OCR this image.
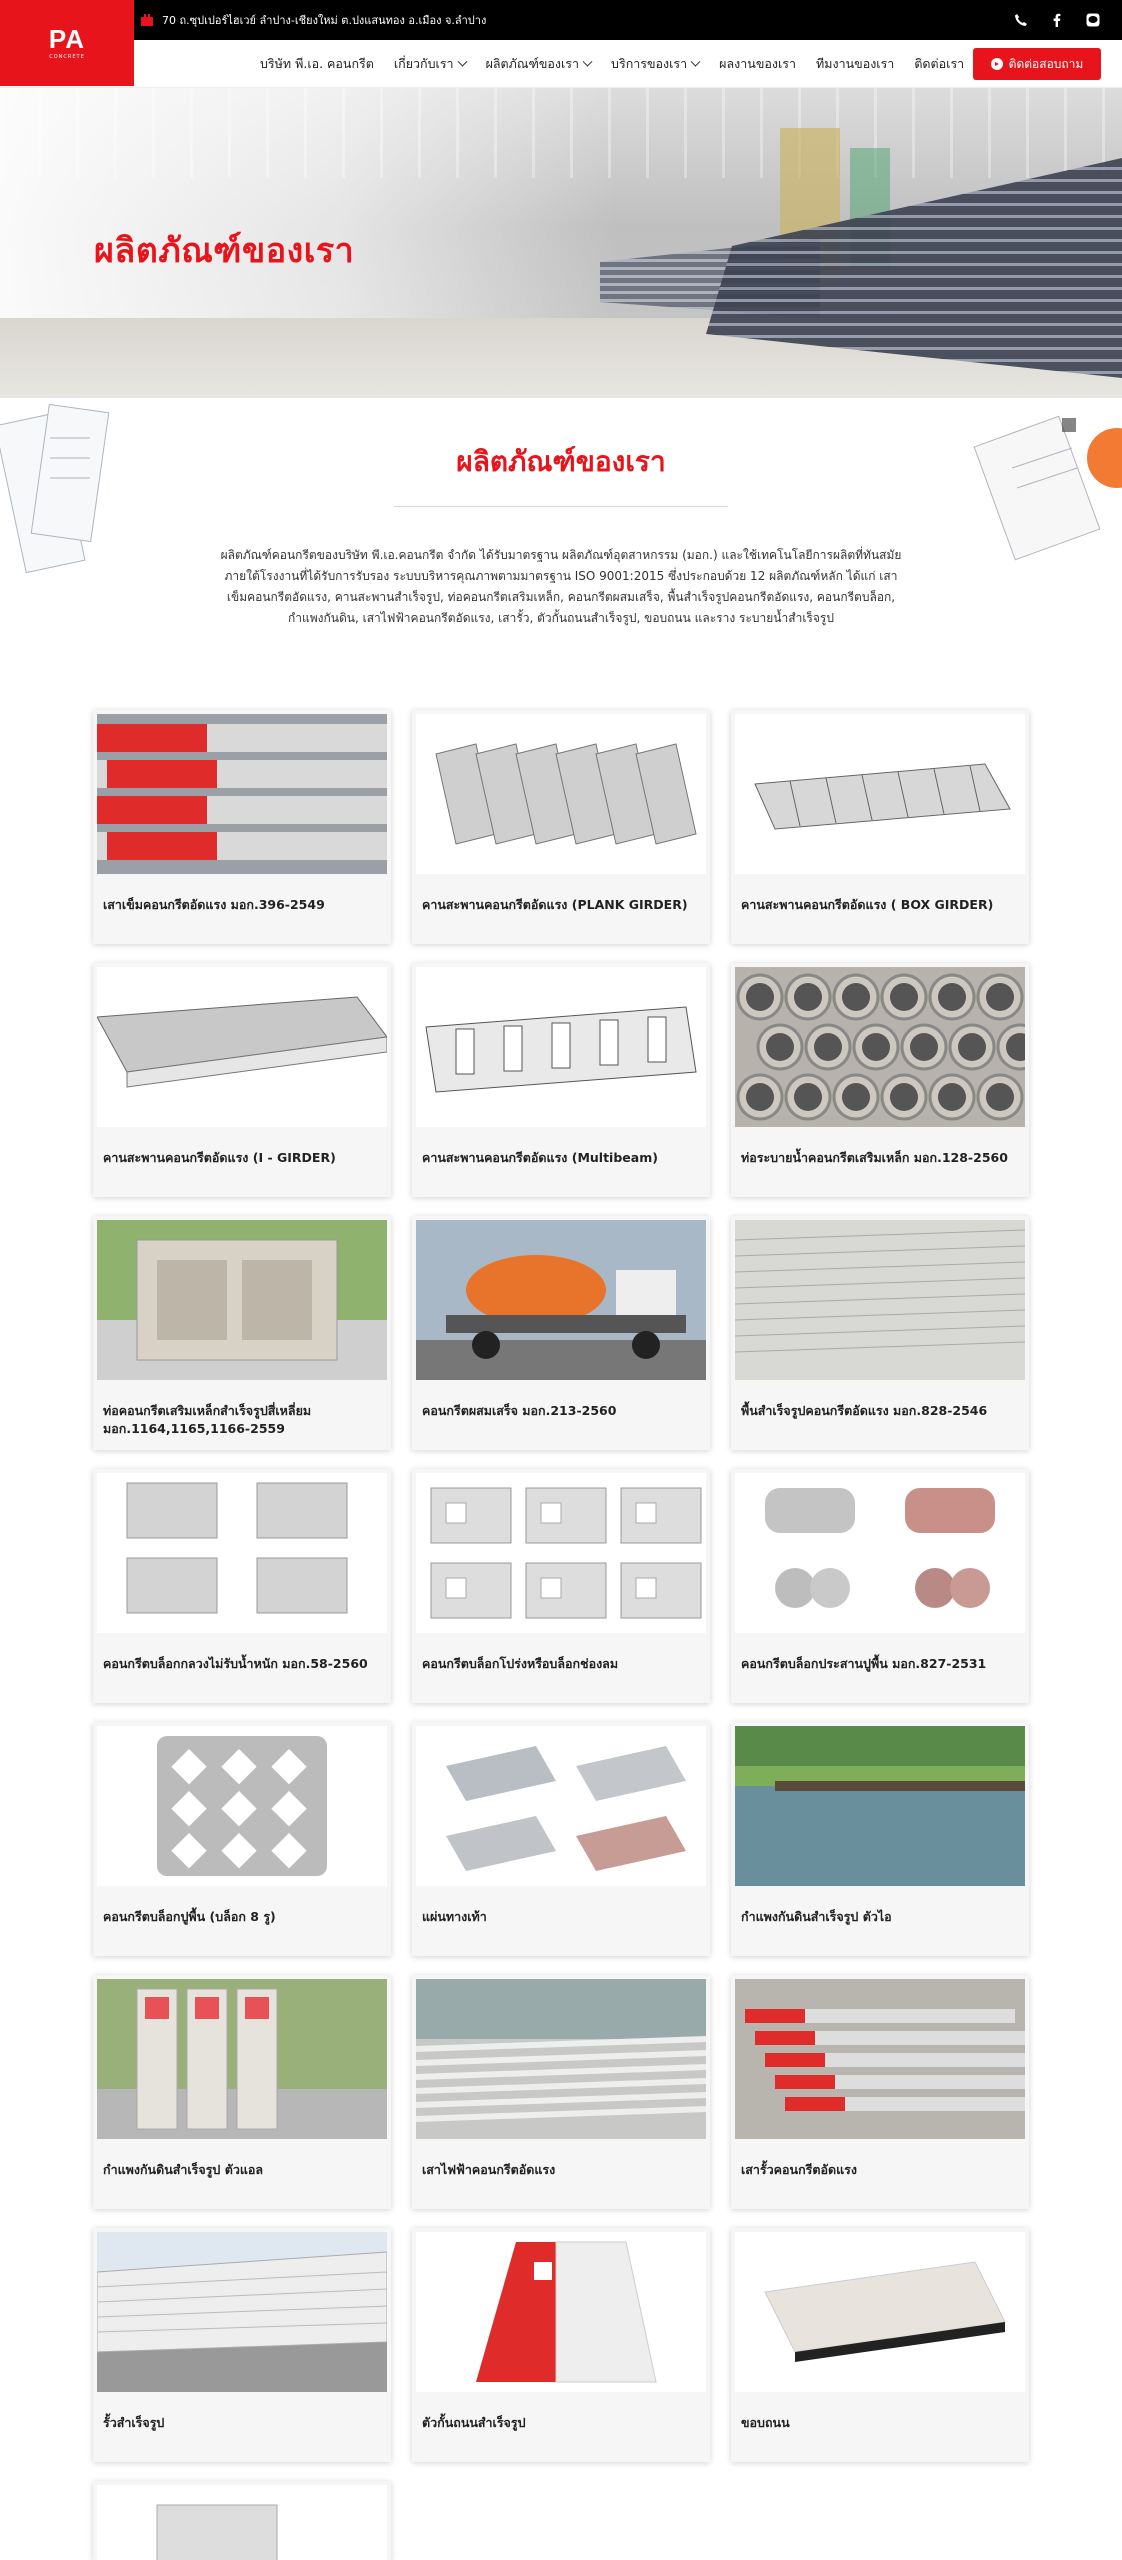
70 ถ.ซุปเปอร์ไฮเวย์ ลำปาง-เชียงใหม่ ต.ปงแสนทอง อ.เมือง จ.ลำปาง
PA
CONCRETE	บริษัท พี.เอ. คอนกรีต เกี่ยวกับเรา	ผลิตภัณฑ์ของเรา	บริการของเรา	ผลงานของเรา ทีมงานของเรา ติดต่อเรา	ติดต่อสอบถาม
ผลิตภัณฑ์ของเรา
ผลิตภัณฑ์ของเรา

ผลิตภัณฑ์คอนกรีตของบริษัท พี.เอ.คอนกรีต จำกัด ได้รับมาตรฐาน ผลิตภัณฑ์อุตสาหกรรม (มอก.) และใช้เทคโนโลยีการผลิตที่ทันสมัยภายใต้โรงงานที่ได้รับการรับรอง ระบบบริหารคุณภาพตามมาตรฐาน ISO 9001:2015 ซึ่งประกอบด้วย 12 ผลิตภัณฑ์หลัก ได้แก่ เสาเข็มคอนกรีตอัดแรง, คานสะพานสำเร็จรูป, ท่อคอนกรีตเสริมเหล็ก, คอนกรีตผสมเสร็จ, พื้นสำเร็จรูปคอนกรีตอัดแรง, คอนกรีตบล็อก, กำแพงกันดิน, เสาไฟฟ้าคอนกรีตอัดแรง, เสารั้ว, ตัวกั้นถนนสำเร็จรูป, ขอบถนน และราง ระบายน้ำสำเร็จรูป

เสาเข็มคอนกรีตอัดแรง มอก.396-2549	คานสะพานคอนกรีตอัดแรง (PLANK GIRDER)	คานสะพานคอนกรีตอัดแรง ( BOX GIRDER)
คานสะพานคอนกรีตอัดแรง (I - GIRDER)	คานสะพานคอนกรีตอัดแรง (Multibeam)	ท่อระบายน้ำคอนกรีตเสริมเหล็ก มอก.128-2560
ท่อคอนกรีตเสริมเหล็กสำเร็จรูปสี่เหลี่ยม มอก.1164,1165,1166-2559
คอนกรีตผสมเสร็จ มอก.213-2560	พื้นสำเร็จรูปคอนกรีตอัดแรง มอก.828-2546
คอนกรีตบล็อกกลวงไม่รับน้ำหนัก มอก.58-2560	คอนกรีตบล็อกโปร่งหรือบล็อกช่องลม	คอนกรีตบล็อกประสานปูพื้น มอก.827-2531
คอนกรีตบล็อกปูพื้น (บล็อก 8 รู)	แผ่นทางเท้า	กำแพงกันดินสำเร็จรูป ตัวไอ
กำแพงกันดินสำเร็จรูป ตัวแอล	เสาไฟฟ้าคอนกรีตอัดแรง	เสารั้วคอนกรีตอัดแรง
รั้วสำเร็จรูป	ตัวกั้นถนนสำเร็จรูป	ขอบถนน
